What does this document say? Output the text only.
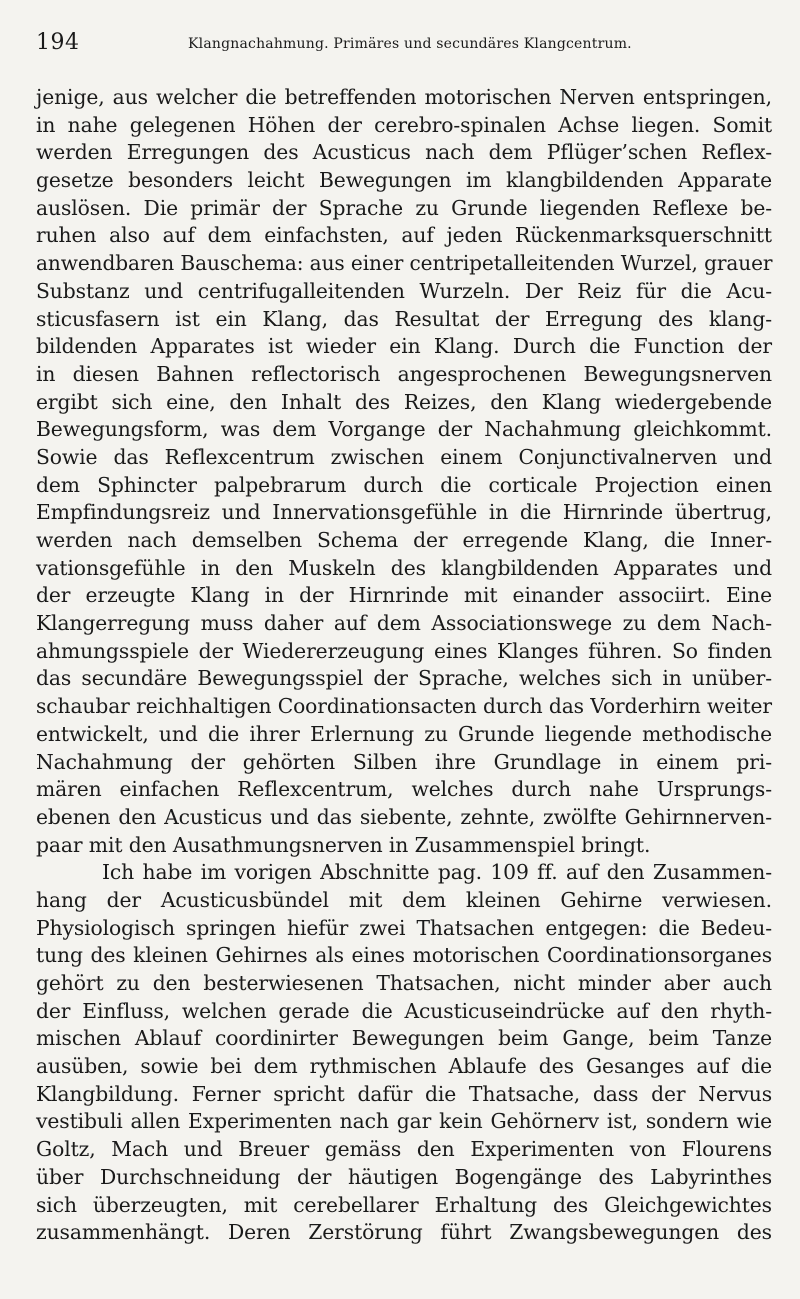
194	Klangnachahmung. Primäres und secundäres Klangcentrum.
jenige, aus welcher die betreffenden motorischen Nerven entspringen,
in nahe gelegenen Höhen der cerebro-spinalen Achse liegen. Somit
werden Erregungen des Acusticus nach dem Pflüger’schen Reflex-
gesetze besonders leicht Bewegungen im klangbildenden Apparate
auslösen. Die primär der Sprache zu Grunde liegenden Reflexe be-
ruhen also auf dem einfachsten, auf jeden Rückenmarksquerschnitt
anwendbaren Bauschema: aus einer centripetalleitenden Wurzel, grauer
Substanz und centrifugalleitenden Wurzeln. Der Reiz für die Acu-
sticusfasern ist ein Klang, das Resultat der Erregung des klang-
bildenden Apparates ist wieder ein Klang. Durch die Function der
in diesen Bahnen reflectorisch angesprochenen Bewegungsnerven
ergibt sich eine, den Inhalt des Reizes, den Klang wiedergebende
Bewegungsform, was dem Vorgange der Nachahmung gleichkommt.
Sowie das Reflexcentrum zwischen einem Conjunctivalnerven und
dem Sphincter palpebrarum durch die corticale Projection einen
Empfindungsreiz und Innervationsgefühle in die Hirnrinde übertrug,
werden nach demselben Schema der erregende Klang, die Inner-
vationsgefühle in den Muskeln des klangbildenden Apparates und
der erzeugte Klang in der Hirnrinde mit einander associirt. Eine
Klangerregung muss daher auf dem Associationswege zu dem Nach-
ahmungsspiele der Wiedererzeugung eines Klanges führen. So finden
das secundäre Bewegungsspiel der Sprache, welches sich in unüber-
schaubar reichhaltigen Coordinationsacten durch das Vorderhirn weiter
entwickelt, und die ihrer Erlernung zu Grunde liegende methodische
Nachahmung der gehörten Silben ihre Grundlage in einem pri-
mären einfachen Reflexcentrum, welches durch nahe Ursprungs-
ebenen den Acusticus und das siebente, zehnte, zwölfte Gehirnnerven-
paar mit den Ausathmungsnerven in Zusammenspiel bringt.
Ich habe im vorigen Abschnitte pag. 109 ff. auf den Zusammen-
hang der Acusticusbündel mit dem kleinen Gehirne verwiesen.
Physiologisch springen hiefür zwei Thatsachen entgegen: die Bedeu-
tung des kleinen Gehirnes als eines motorischen Coordinationsorganes
gehört zu den besterwiesenen Thatsachen, nicht minder aber auch
der Einfluss, welchen gerade die Acusticuseindrücke auf den rhyth-
mischen Ablauf coordinirter Bewegungen beim Gange, beim Tanze
ausüben, sowie bei dem rythmischen Ablaufe des Gesanges auf die
Klangbildung. Ferner spricht dafür die Thatsache, dass der Nervus
vestibuli allen Experimenten nach gar kein Gehörnerv ist, sondern wie
Goltz, Mach und Breuer gemäss den Experimenten von Flourens
über Durchschneidung der häutigen Bogengänge des Labyrinthes
sich überzeugten, mit cerebellarer Erhaltung des Gleichgewichtes
zusammenhängt. Deren Zerstörung führt Zwangsbewegungen des
